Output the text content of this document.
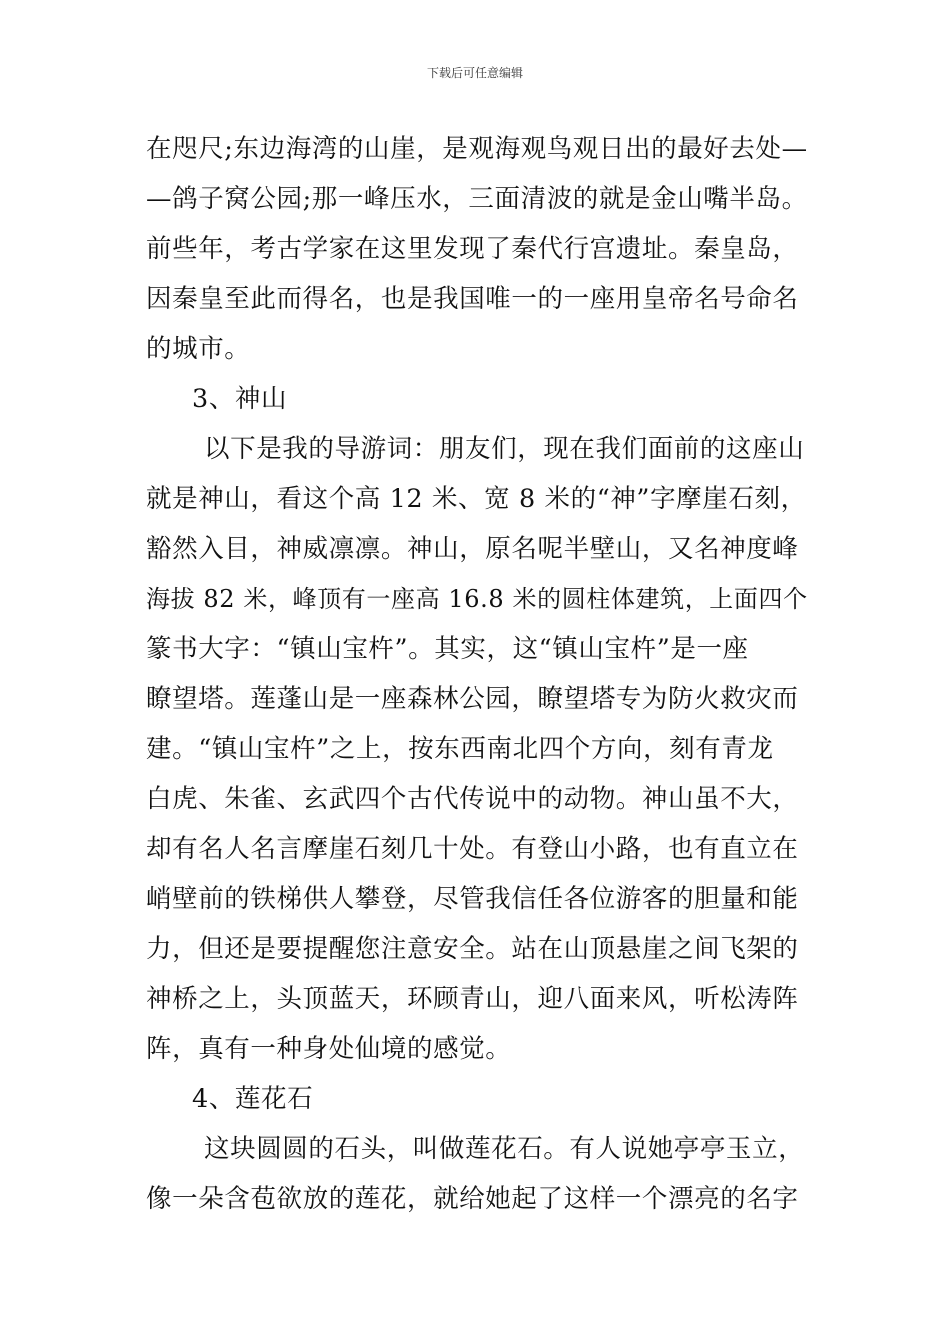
下载后可任意编辑
在咫尺;东边海湾的山崖，是观海观鸟观日出的最好去处—
—鸽子窝公园;那一峰压水，三面清波的就是金山嘴半岛。
前些年，考古学家在这里发现了秦代行宫遗址。秦皇岛，
因秦皇至此而得名，也是我国唯一的一座用皇帝名号命名
的城市。
3、神山
以下是我的导游词：朋友们，现在我们面前的这座山
就是神山，看这个高 12 米、宽 8 米的“神”字摩崖石刻，
豁然入目，神威凛凛。神山，原名呢半壁山，又名神度峰
海拔 82 米，峰顶有一座高 16.8 米的圆柱体建筑，上面四个
篆书大字：“镇山宝杵”。其实，这“镇山宝杵”是一座
瞭望塔。莲蓬山是一座森林公园，瞭望塔专为防火救灾而
建。“镇山宝杵”之上，按东西南北四个方向，刻有青龙
白虎、朱雀、玄武四个古代传说中的动物。神山虽不大，
却有名人名言摩崖石刻几十处。有登山小路，也有直立在
峭壁前的铁梯供人攀登，尽管我信任各位游客的胆量和能
力，但还是要提醒您注意安全。站在山顶悬崖之间飞架的
神桥之上，头顶蓝天，环顾青山，迎八面来风，听松涛阵
阵，真有一种身处仙境的感觉。
4、莲花石
这块圆圆的石头，叫做莲花石。有人说她亭亭玉立，
像一朵含苞欲放的莲花，就给她起了这样一个漂亮的名字
